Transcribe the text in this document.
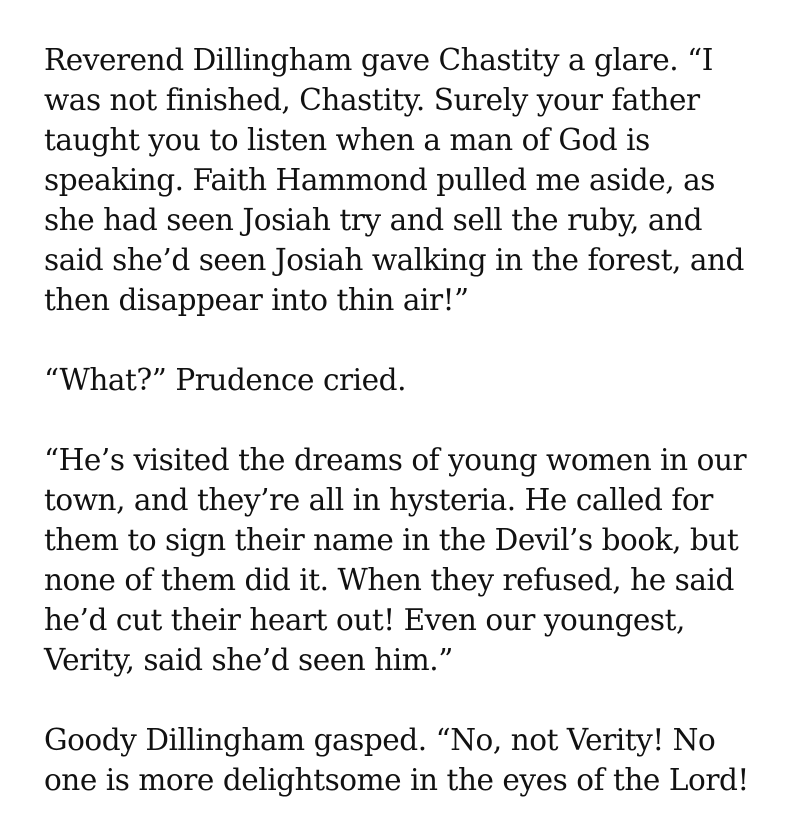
Reverend Dillingham gave Chastity a glare. “I
was not finished, Chastity. Surely your father
taught you to listen when a man of God is
speaking. Faith Hammond pulled me aside, as
she had seen Josiah try and sell the ruby, and
said she’d seen Josiah walking in the forest, and
then disappear into thin air!”

“What?” Prudence cried.

“He’s visited the dreams of young women in our
town, and they’re all in hysteria. He called for
them to sign their name in the Devil’s book, but
none of them did it. When they refused, he said
he’d cut their heart out! Even our youngest,
Verity, said she’d seen him.”

Goody Dillingham gasped. “No, not Verity! No
one is more delightsome in the eyes of the Lord!
